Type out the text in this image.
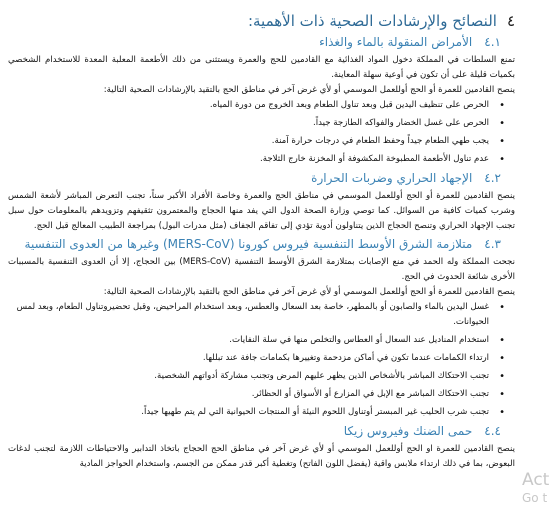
٤النصائح والإرشادات الصحية ذات الأهمية:
٤.١الأمراض المنقولة بالماء والغذاء

تمنع السلطات في المملكة دخول المواد الغذائية مع القادمين للحج والعمرة ويستثنى من ذلك الأطعمة المعلبة المعدة للاستخدام الشخصي بكميات قليلة على أن تكون في أوعية سهلة المعاينة.

ينصح القادمين للعمرة أو الحج أوللعمل الموسمي أو لأي غرض آخر في مناطق الحج بالتقيد بالإرشادات الصحية التالية:

• الحرص على تنظيف اليدين قبل وبعد تناول الطعام وبعد الخروج من دورة المياه.
• الحرص على غسل الخضار والفواكه الطازجة جيداً.
• يجب طهي الطعام جيداً وحفظ الطعام في درجات حرارة آمنة.
• عدم تناول الأطعمة المطبوخة المكشوفة أو المخزنة خارج الثلاجة.
٤.٢الإجهاد الحراري وضربات الحرارة

ينصح القادمين للعمرة أو الحج أوللعمل الموسمي في مناطق الحج والعمرة وخاصة الأفراد الأكبر سناً، تجنب التعرض المباشر لأشعة الشمس وشرب كميات كافية من السوائل. كما توصي وزارة الصحة الدول التي يفد منها الحجاج والمعتمرون تثقيفهم وتزويدهم بالمعلومات حول سبل تجنب الإجهاد الحراري وتنصح الحجاج الذين يتناولون أدوية تؤدي إلى تفاقم الجفاف (مثل مدرات البول) بمراجعة الطبيب المعالج قبل الحج.

٤.٣متلازمة الشرق الأوسط التنفسية فيروس كورونا (MERS-CoV) وغيرها من العدوى التنفسية

نجحت المملكة وله الحمد في منع الإصابات بمتلازمة الشرق الأوسط التنفسية (MERS-CoV) بين الحجاج، إلا أن العدوى التنفسية بالمسببات الأخرى شائعة الحدوث في الحج.

ينصح القادمين للعمرة أو الحج أوللعمل الموسمي أو لأي غرض آخر في مناطق الحج بالتقيد بالإرشادات الصحية التالية:

• غسل اليدين بالماء والصابون أو بالمطهر، خاصة بعد السعال والعطس، وبعد استخدام المراحيض، وقبل تحضيروتناول الطعام، وبعد لمس الحيوانات.
• استخدام المناديل عند السعال أو العطاس والتخلص منها في سلة النفايات.
• ارتداء الكمامات عندما تكون في أماكن مزدحمة وتغييرها بكمامات جافة عند تبللها.
• تجنب الاحتكاك المباشر بالأشخاص الذين يظهر عليهم المرض وتجنب مشاركة أدواتهم الشخصية.
• تجنب الاحتكاك المباشر مع الإبل في المزارع أو الأسواق أو الحظائر.
• تجنب شرب الحليب غير المبستر أوتناول اللحوم النيئة أو المنتجات الحيوانية التي لم يتم طهيها جيداً.
٤.٤حمى الضنك وفيروس زيكا

ينصح القادمين للعمرة او الحج أوللعمل الموسمي أو لأي غرض آخر في مناطق الحج الحجاج باتخاذ التدابير والاحتياطات اللازمة لتجنب لدغات البعوض، بما في ذلك ارتداء ملابس واقية (يفضل اللون الفاتح) وتغطية أكبر قدر ممكن من الجسم، واستخدام الحواجز المادية

Act
Go t
